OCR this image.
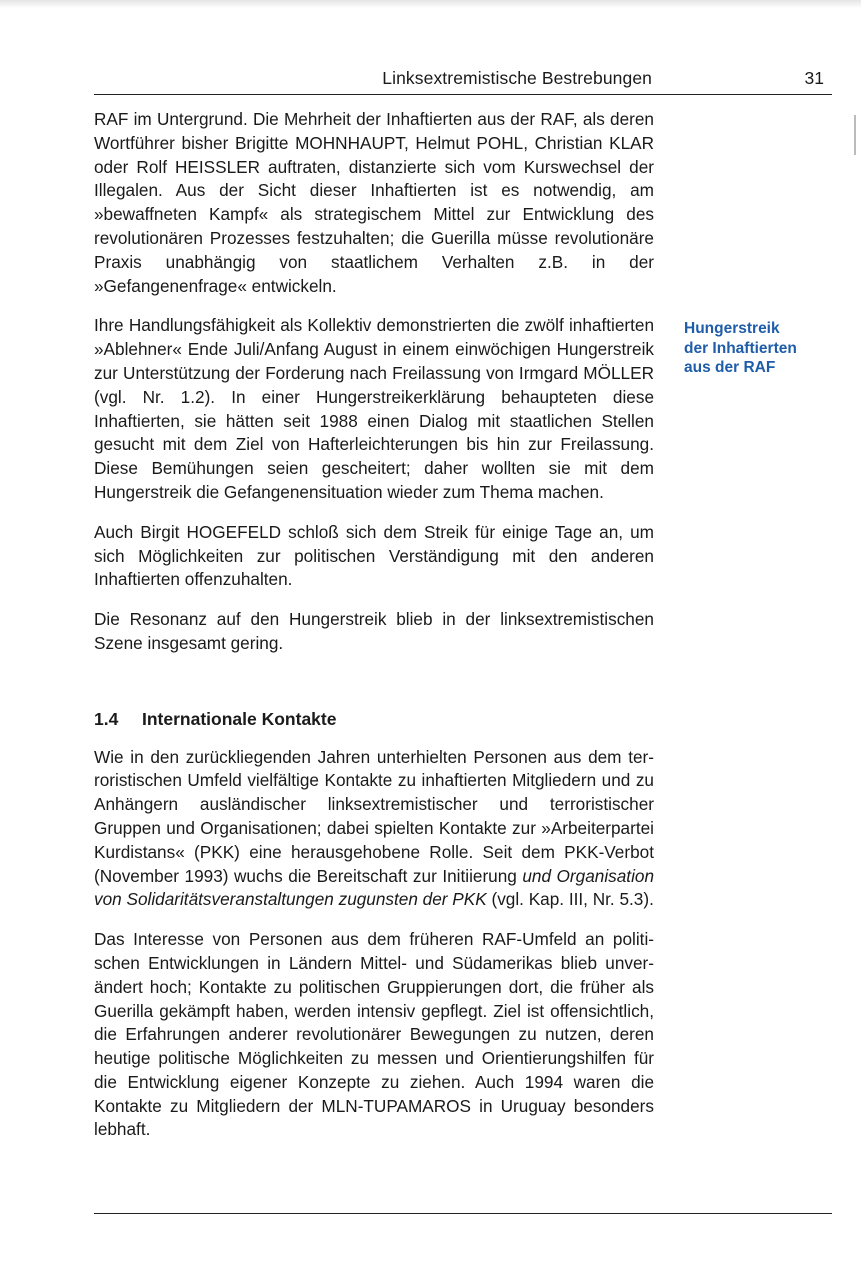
Linksextremistische Bestrebungen	31
Hungerstreik
der Inhaftierten
aus der RAF

RAF im Untergrund. Die Mehrheit der Inhaftierten aus der RAF, als deren Wortführer bisher Brigitte MOHNHAUPT, Helmut POHL, Christian KLAR oder Rolf HEISSLER auftraten, distanzierte sich vom Kurswechsel der Illegalen. Aus der Sicht dieser Inhaftierten ist es notwendig, am »bewaffneten Kampf« als strategischem Mittel zur Entwicklung des revolutionären Prozesses festzuhalten; die Guerilla müsse revolutionäre Praxis unabhängig von staatlichem Verhalten z.B. in der »Gefangenenfrage« entwickeln.

Ihre Handlungsfähigkeit als Kollektiv demonstrierten die zwölf inhaftierten »Ablehner« Ende Juli/Anfang August in einem einwöchigen Hungerstreik zur Unterstützung der Forderung nach Freilassung von Irmgard MÖLLER (vgl. Nr. 1.2). In einer Hungerstreikerklärung behaupteten diese Inhaftierten, sie hätten seit 1988 einen Dialog mit staatlichen Stellen gesucht mit dem Ziel von Hafterleichterungen bis hin zur Freilassung. Diese Bemühungen seien gescheitert; daher wollten sie mit dem Hungerstreik die Gefangenensituation wieder zum Thema machen.

Auch Birgit HOGEFELD schloß sich dem Streik für einige Tage an, um sich Möglichkeiten zur politischen Verständigung mit den anderen Inhaftierten offenzuhalten.

Die Resonanz auf den Hungerstreik blieb in der linksextremistischen Szene insgesamt gering.

1.4 Internationale Kontakte

Wie in den zurückliegenden Jahren unterhielten Personen aus dem terroristischen Umfeld vielfältige Kontakte zu inhaftierten Mitgliedern und zu Anhängern ausländischer linksextremistischer und terroristischer Gruppen und Organisationen; dabei spielten Kontakte zur »Arbeiterpartei Kurdistans« (PKK) eine herausgehobene Rolle. Seit dem PKK-Verbot (November 1993) wuchs die Bereitschaft zur Initiierung und Organisation von Solidaritätsveranstaltungen zugunsten der PKK (vgl. Kap. III, Nr. 5.3).

Das Interesse von Personen aus dem früheren RAF-Umfeld an politischen Entwicklungen in Ländern Mittel- und Südamerikas blieb unverändert hoch; Kontakte zu politischen Gruppierungen dort, die früher als Guerilla gekämpft haben, werden intensiv gepflegt. Ziel ist offensichtlich, die Erfahrungen anderer revolutionärer Bewegungen zu nutzen, deren heutige politische Möglichkeiten zu messen und Orientierungshilfen für die Entwicklung eigener Konzepte zu ziehen. Auch 1994 waren die Kontakte zu Mitgliedern der MLN-TUPAMAROS in Uruguay besonders lebhaft.
